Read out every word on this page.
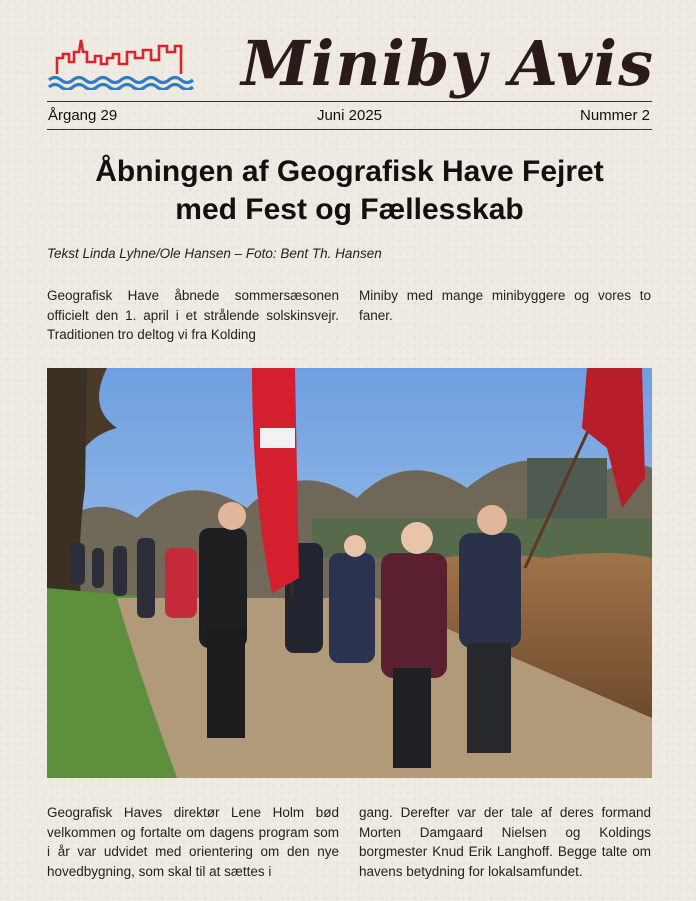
Miniby Avis
Årgang 29	Juni 2025	Nummer 2
Åbningen af Geografisk Have Fejret
med Fest og Fællesskab
Tekst Linda Lyhne/Ole Hansen – Foto: Bent Th. Hansen
Geografisk Have åbnede sommersæsonen officielt den 1. april i et strålende solskinsvejr. Traditionen tro deltog vi fra Kolding
Miniby med mange minibyggere og vores to faner.
Geografisk Haves direktør Lene Holm bød velkommen og fortalte om dagens program som i år var udvidet med orientering om den nye hovedbygning, som skal til at sættes i
gang. Derefter var der tale af deres formand Morten Damgaard Nielsen og Koldings borgmester Knud Erik Langhoff. Begge talte om havens betydning for lokalsamfundet.
